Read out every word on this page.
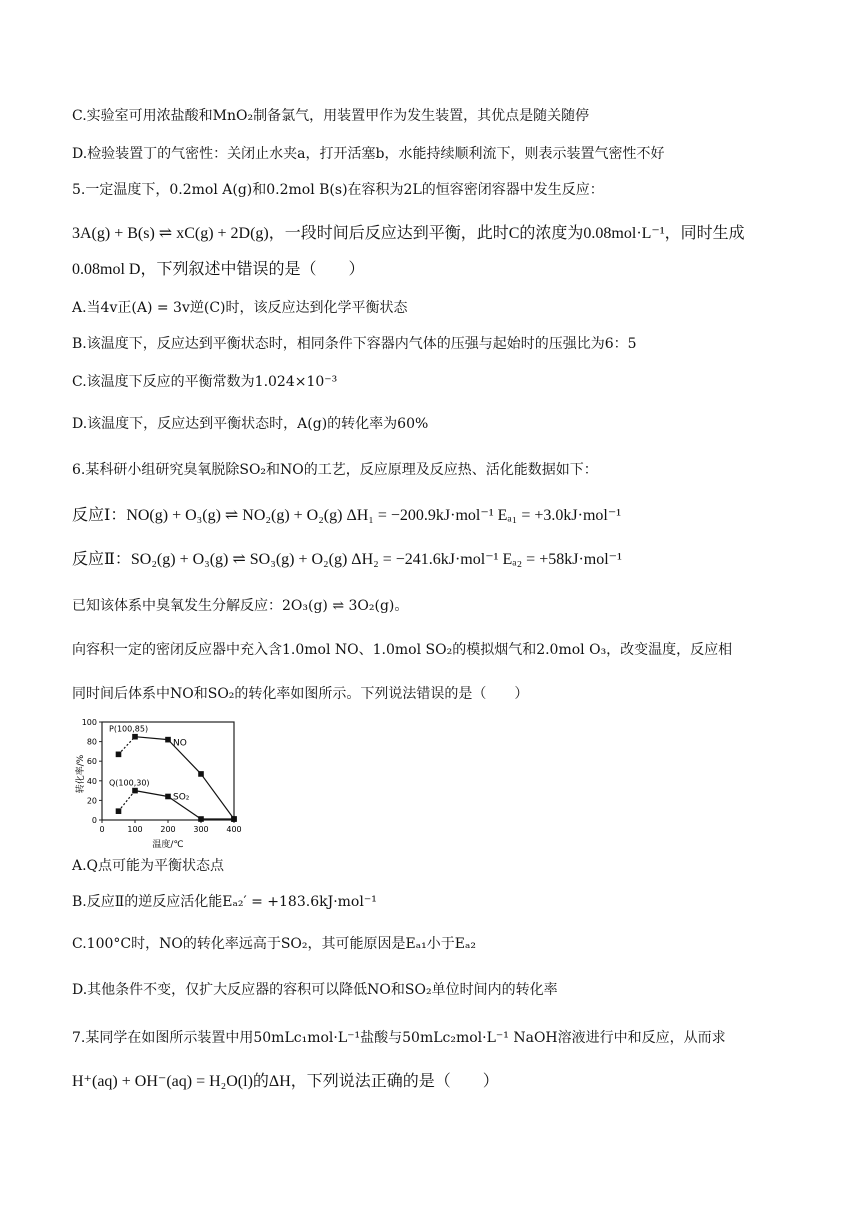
C.实验室可用浓盐酸和MnO₂制备氯气，用装置甲作为发生装置，其优点是随关随停
D.检验装置丁的气密性：关闭止水夹a，打开活塞b，水能持续顺利流下，则表示装置气密性不好
5.一定温度下，0.2mol A(g)和0.2mol B(s)在容积为2L的恒容密闭容器中发生反应：
3A(g) + B(s) ⇌ xC(g) + 2D(g)，一段时间后反应达到平衡，此时C的浓度为0.08mol·L⁻¹，同时生成
0.08mol D，下列叙述中错误的是（　　）
A.当4v正(A) = 3v逆(C)时，该反应达到化学平衡状态
B.该温度下，反应达到平衡状态时，相同条件下容器内气体的压强与起始时的压强比为6：5
C.该温度下反应的平衡常数为1.024×10⁻³
D.该温度下，反应达到平衡状态时，A(g)的转化率为60%
6.某科研小组研究臭氧脱除SO₂和NO的工艺，反应原理及反应热、活化能数据如下：
反应Ⅰ：NO(g) + O₃(g) ⇌ NO₂(g) + O₂(g) ΔH₁ = −200.9kJ·mol⁻¹ Eₐ₁ = +3.0kJ·mol⁻¹
反应Ⅱ：SO₂(g) + O₃(g) ⇌ SO₃(g) + O₂(g) ΔH₂ = −241.6kJ·mol⁻¹ Eₐ₂ = +58kJ·mol⁻¹
已知该体系中臭氧发生分解反应：2O₃(g) ⇌ 3O₂(g)。
向容积一定的密闭反应器中充入含1.0mol NO、1.0mol SO₂的模拟烟气和2.0mol O₃，改变温度，反应相
同时间后体系中NO和SO₂的转化率如图所示。下列说法错误的是（　　）
转化率/%
温度/℃
0
20
40
60
80
100
0	100 200 300 400
NO
SO₂
P(100,85)
Q(100,30)
A.Q点可能为平衡状态点
B.反应Ⅱ的逆反应活化能Eₐ₂′ = +183.6kJ·mol⁻¹
C.100°C时，NO的转化率远高于SO₂，其可能原因是Eₐ₁小于Eₐ₂
D.其他条件不变，仅扩大反应器的容积可以降低NO和SO₂单位时间内的转化率
7.某同学在如图所示装置中用50mLc₁mol·L⁻¹盐酸与50mLc₂mol·L⁻¹ NaOH溶液进行中和反应，从而求
H⁺(aq) + OH⁻(aq) = H₂O(l)的ΔH，下列说法正确的是（　　）
